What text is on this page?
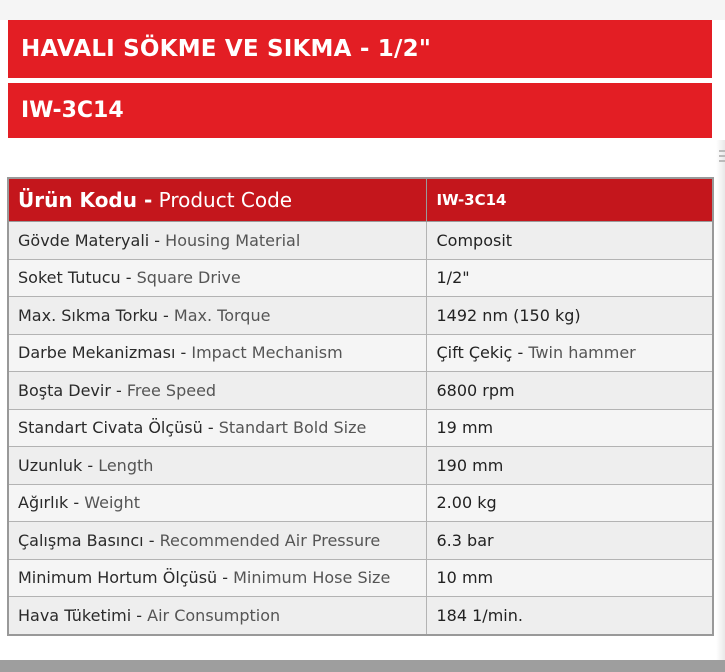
HAVALI SÖKME VE SIKMA - 1/2"
IW-3C14
Ürün Kodu - Product Code	IW-3C14
Gövde Materyali - Housing Material	Composit
Soket Tutucu - Square Drive	1/2"
Max. Sıkma Torku - Max. Torque	1492 nm (150 kg)
Darbe Mekanizması - Impact Mechanism	Çift Çekiç - Twin hammer
Boşta Devir - Free Speed	6800 rpm
Standart Civata Ölçüsü - Standart Bold Size	19 mm
Uzunluk - Length	190 mm
Ağırlık - Weight	2.00 kg
Çalışma Basıncı - Recommended Air Pressure	6.3 bar
Minimum Hortum Ölçüsü - Minimum Hose Size	10 mm
Hava Tüketimi - Air Consumption	184 1/min.
